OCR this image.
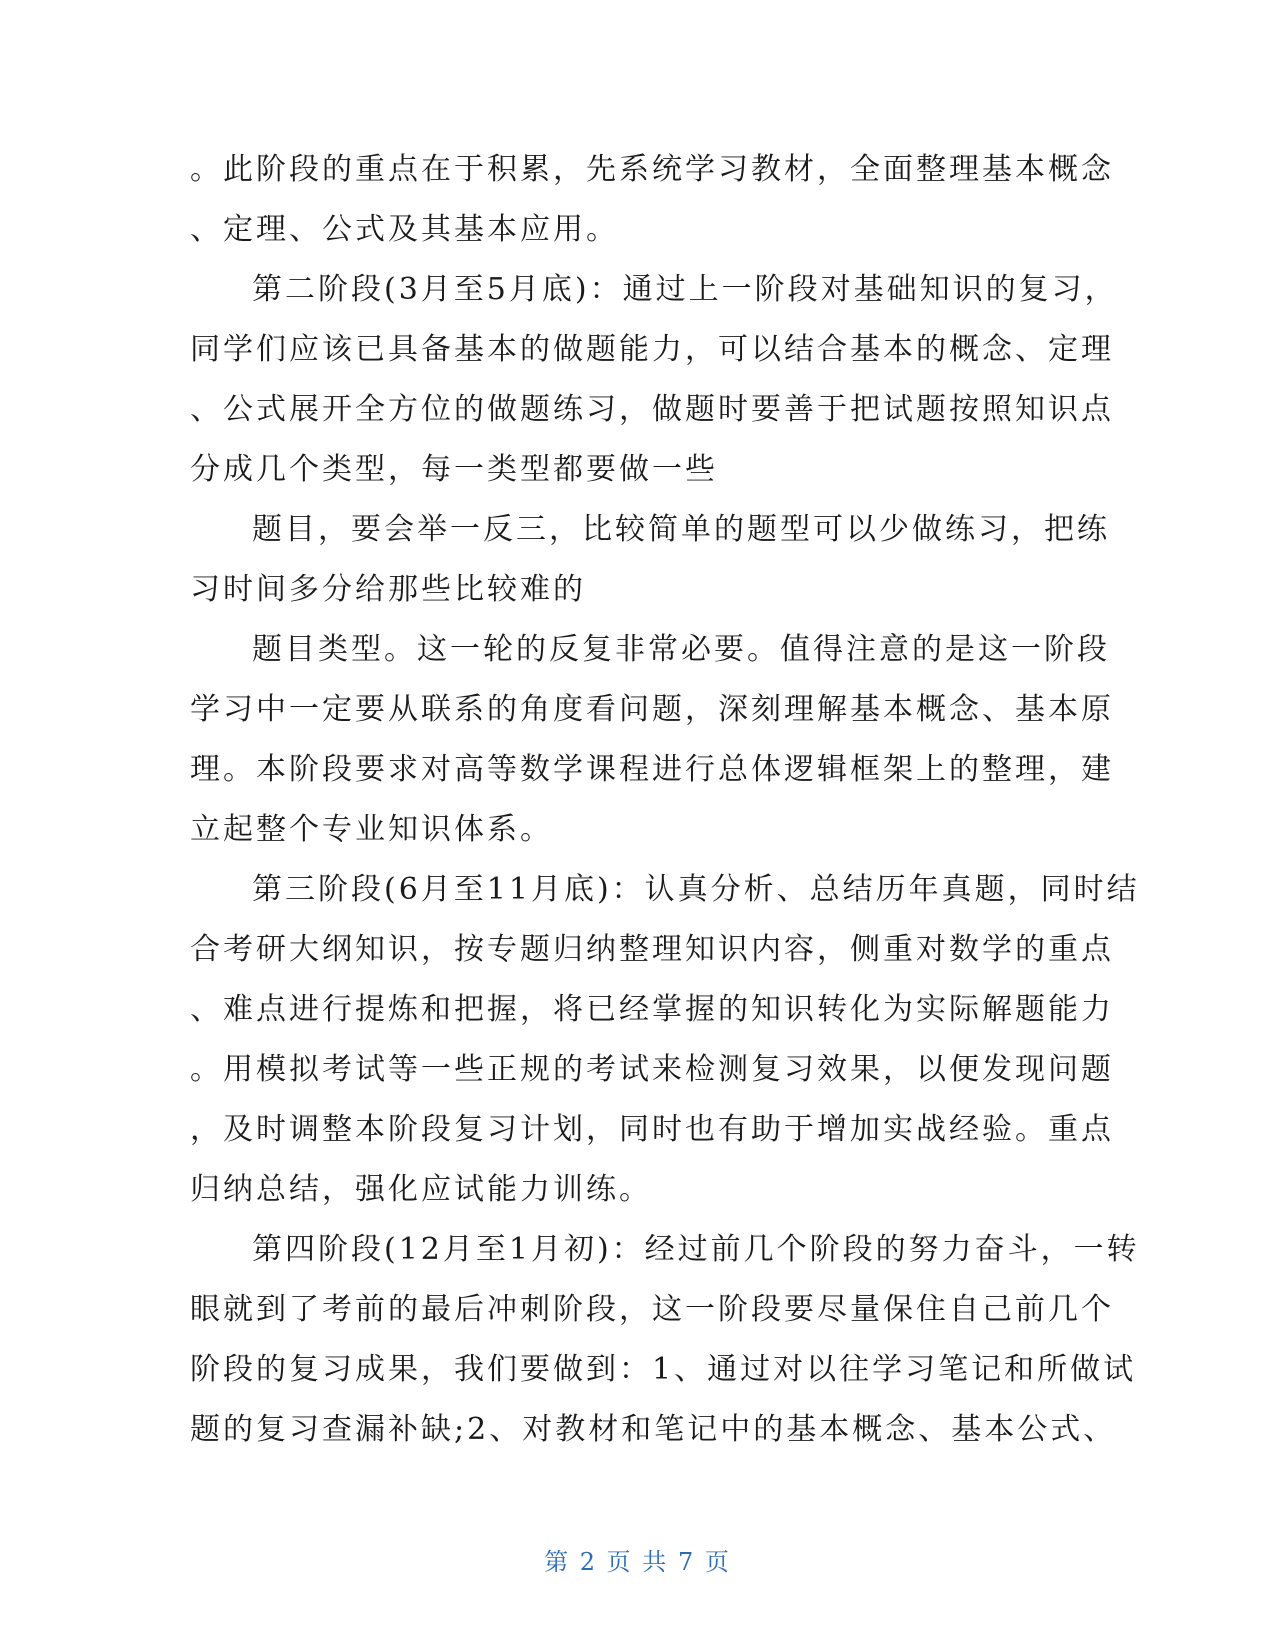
。此阶段的重点在于积累，先系统学习教材，全面整理基本概念
、定理、公式及其基本应用。
第二阶段(3月至5月底)：通过上一阶段对基础知识的复习，
同学们应该已具备基本的做题能力，可以结合基本的概念、定理
、公式展开全方位的做题练习，做题时要善于把试题按照知识点
分成几个类型，每一类型都要做一些
题目，要会举一反三，比较简单的题型可以少做练习，把练
习时间多分给那些比较难的
题目类型。这一轮的反复非常必要。值得注意的是这一阶段
学习中一定要从联系的角度看问题，深刻理解基本概念、基本原
理。本阶段要求对高等数学课程进行总体逻辑框架上的整理，建
立起整个专业知识体系。
第三阶段(6月至11月底)：认真分析、总结历年真题，同时结
合考研大纲知识，按专题归纳整理知识内容，侧重对数学的重点
、难点进行提炼和把握，将已经掌握的知识转化为实际解题能力
。用模拟考试等一些正规的考试来检测复习效果，以便发现问题
，及时调整本阶段复习计划，同时也有助于增加实战经验。重点
归纳总结，强化应试能力训练。
第四阶段(12月至1月初)：经过前几个阶段的努力奋斗，一转
眼就到了考前的最后冲刺阶段，这一阶段要尽量保住自己前几个
阶段的复习成果，我们要做到：1、通过对以往学习笔记和所做试
题的复习查漏补缺;2、对教材和笔记中的基本概念、基本公式、
第 2 页 共 7 页
